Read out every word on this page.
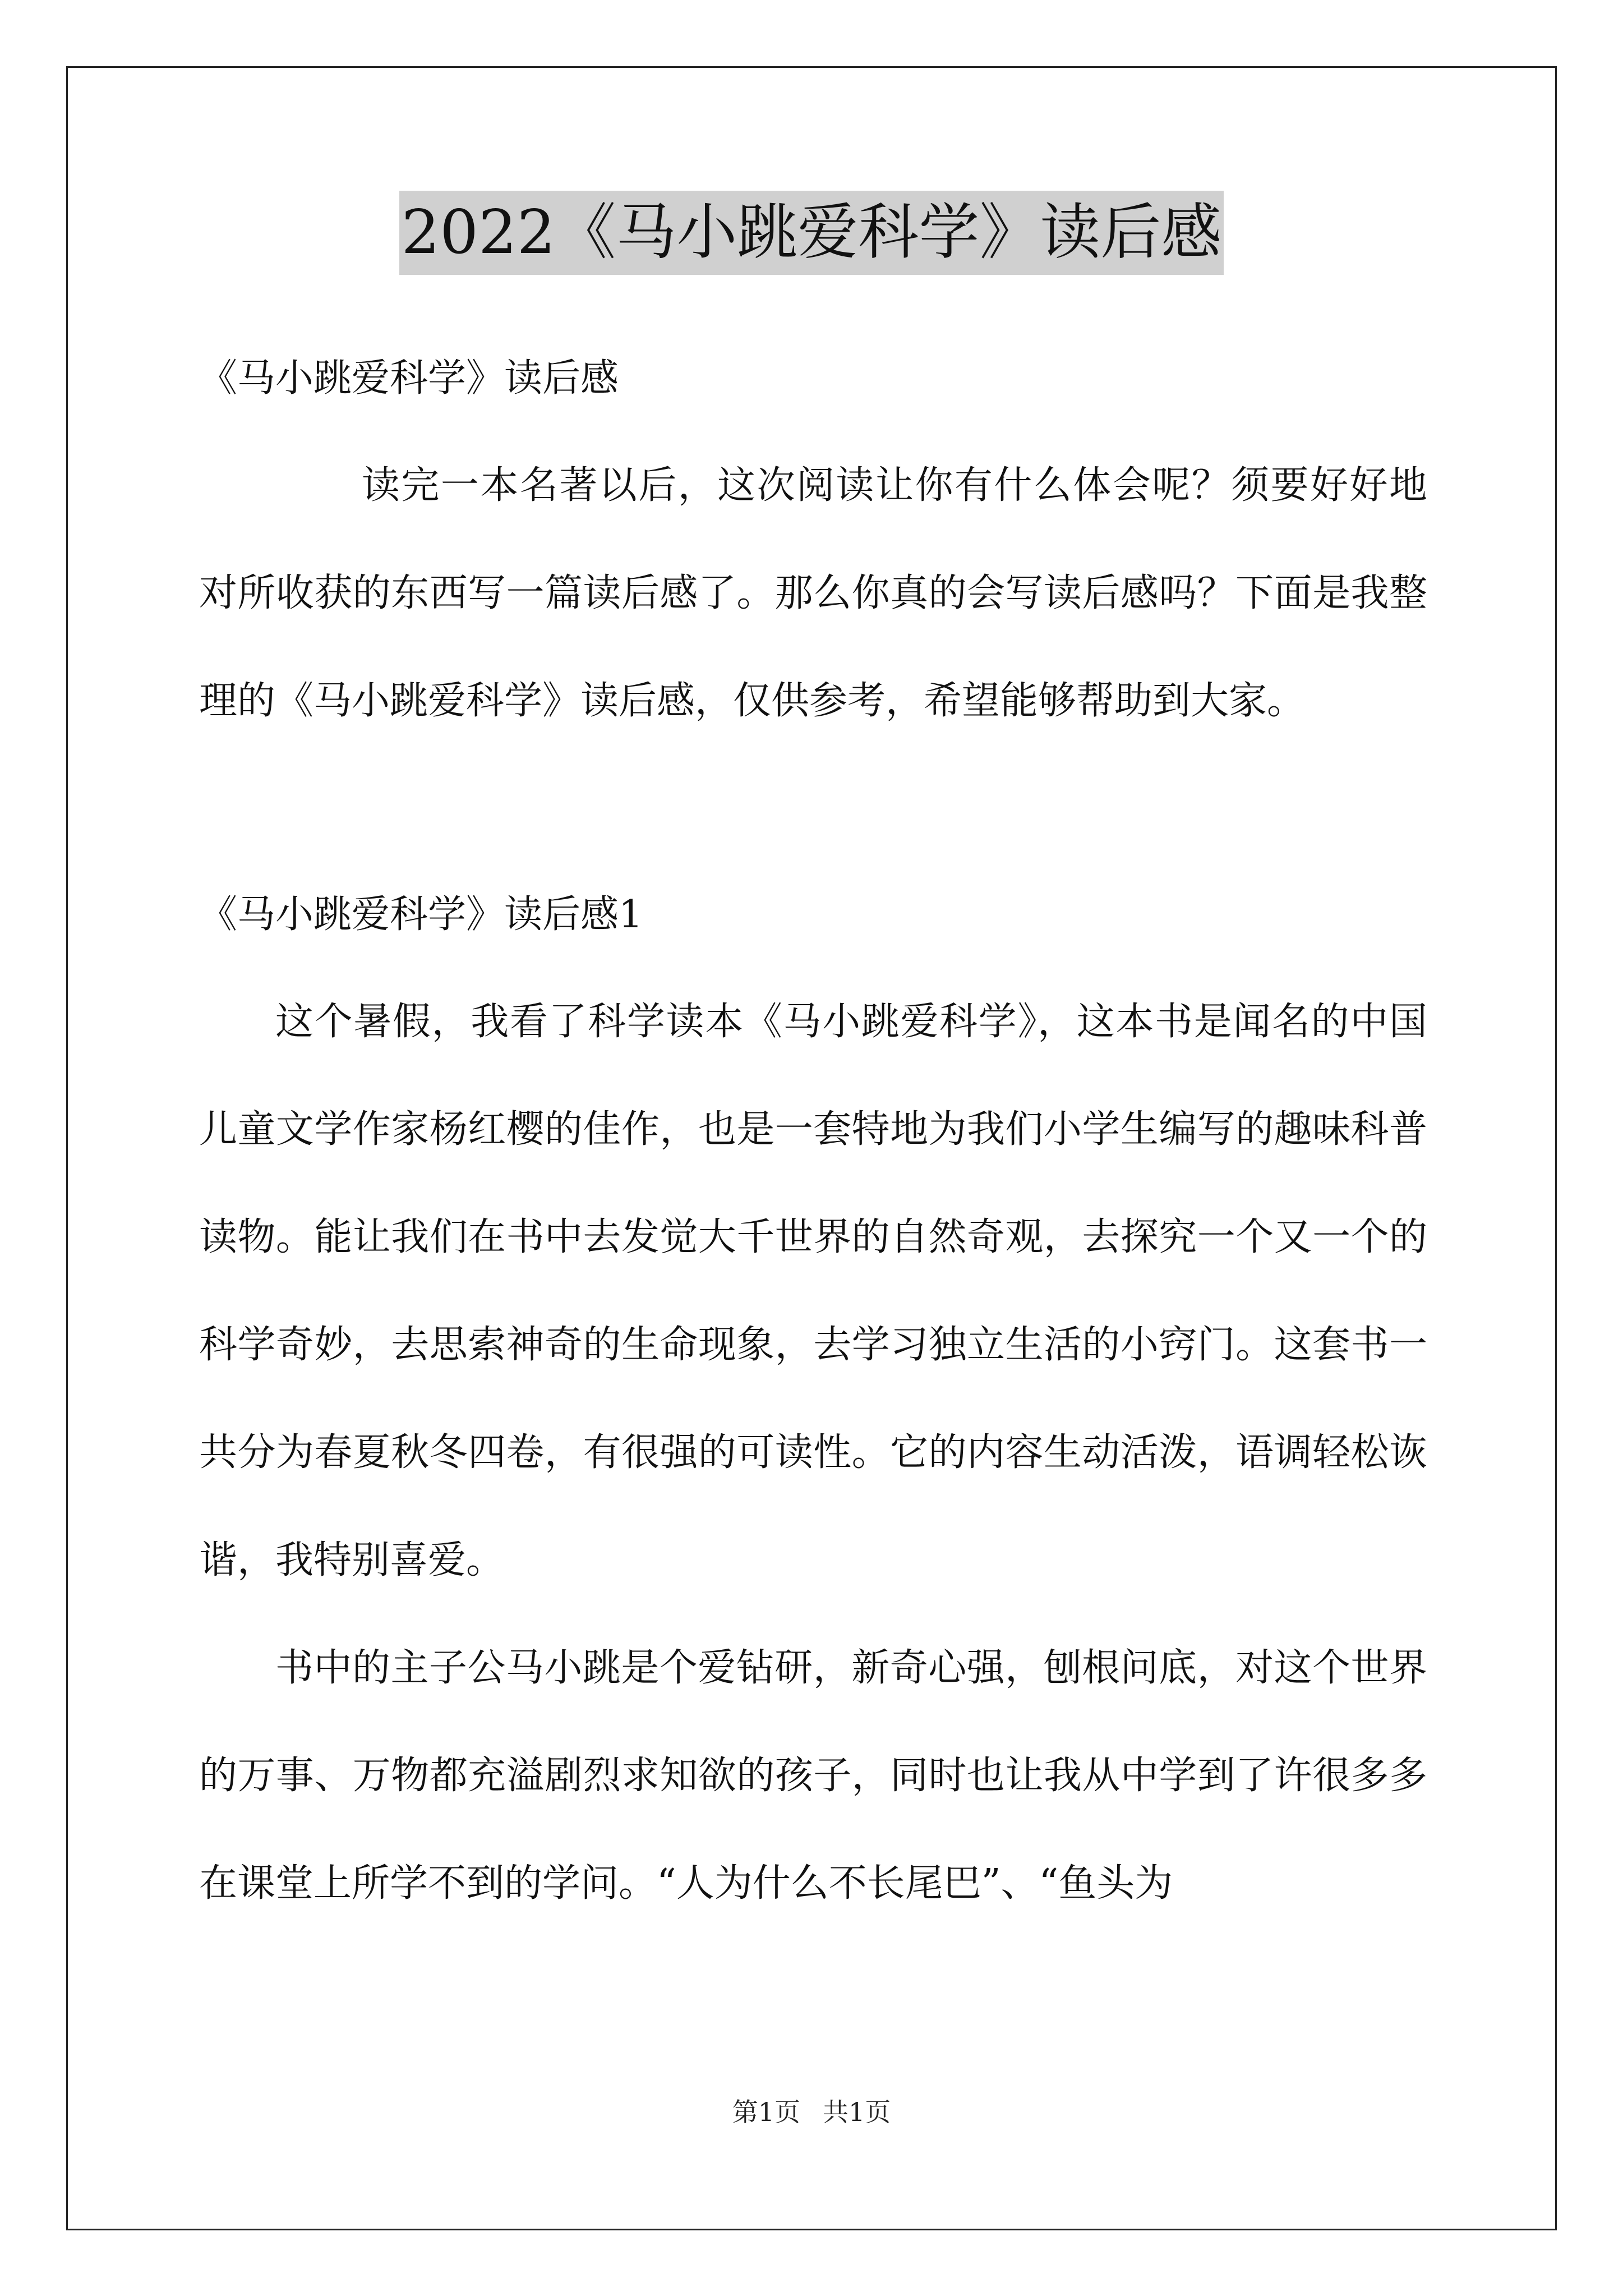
2022《马小跳爱科学》读后感

《马小跳爱科学》读后感

读完一本名著以后，这次阅读让你有什么体会呢？须要好好地对所收获的东西写一篇读后感了。那么你真的会写读后感吗？下面是我整理的《马小跳爱科学》读后感，仅供参考，希望能够帮助到大家。

《马小跳爱科学》读后感1

这个暑假，我看了科学读本《马小跳爱科学》，这本书是闻名的中国儿童文学作家杨红樱的佳作，也是一套特地为我们小学生编写的趣味科普读物。能让我们在书中去发觉大千世界的自然奇观，去探究一个又一个的科学奇妙，去思索神奇的生命现象，去学习独立生活的小窍门。这套书一共分为春夏秋冬四卷，有很强的可读性。它的内容生动活泼，语调轻松诙谐，我特别喜爱。

书中的主子公马小跳是个爱钻研，新奇心强，刨根问底，对这个世界的万事、万物都充溢剧烈求知欲的孩子，同时也让我从中学到了许很多多在课堂上所学不到的学问。“人为什么不长尾巴”、“鱼头为

第1页 共1页
